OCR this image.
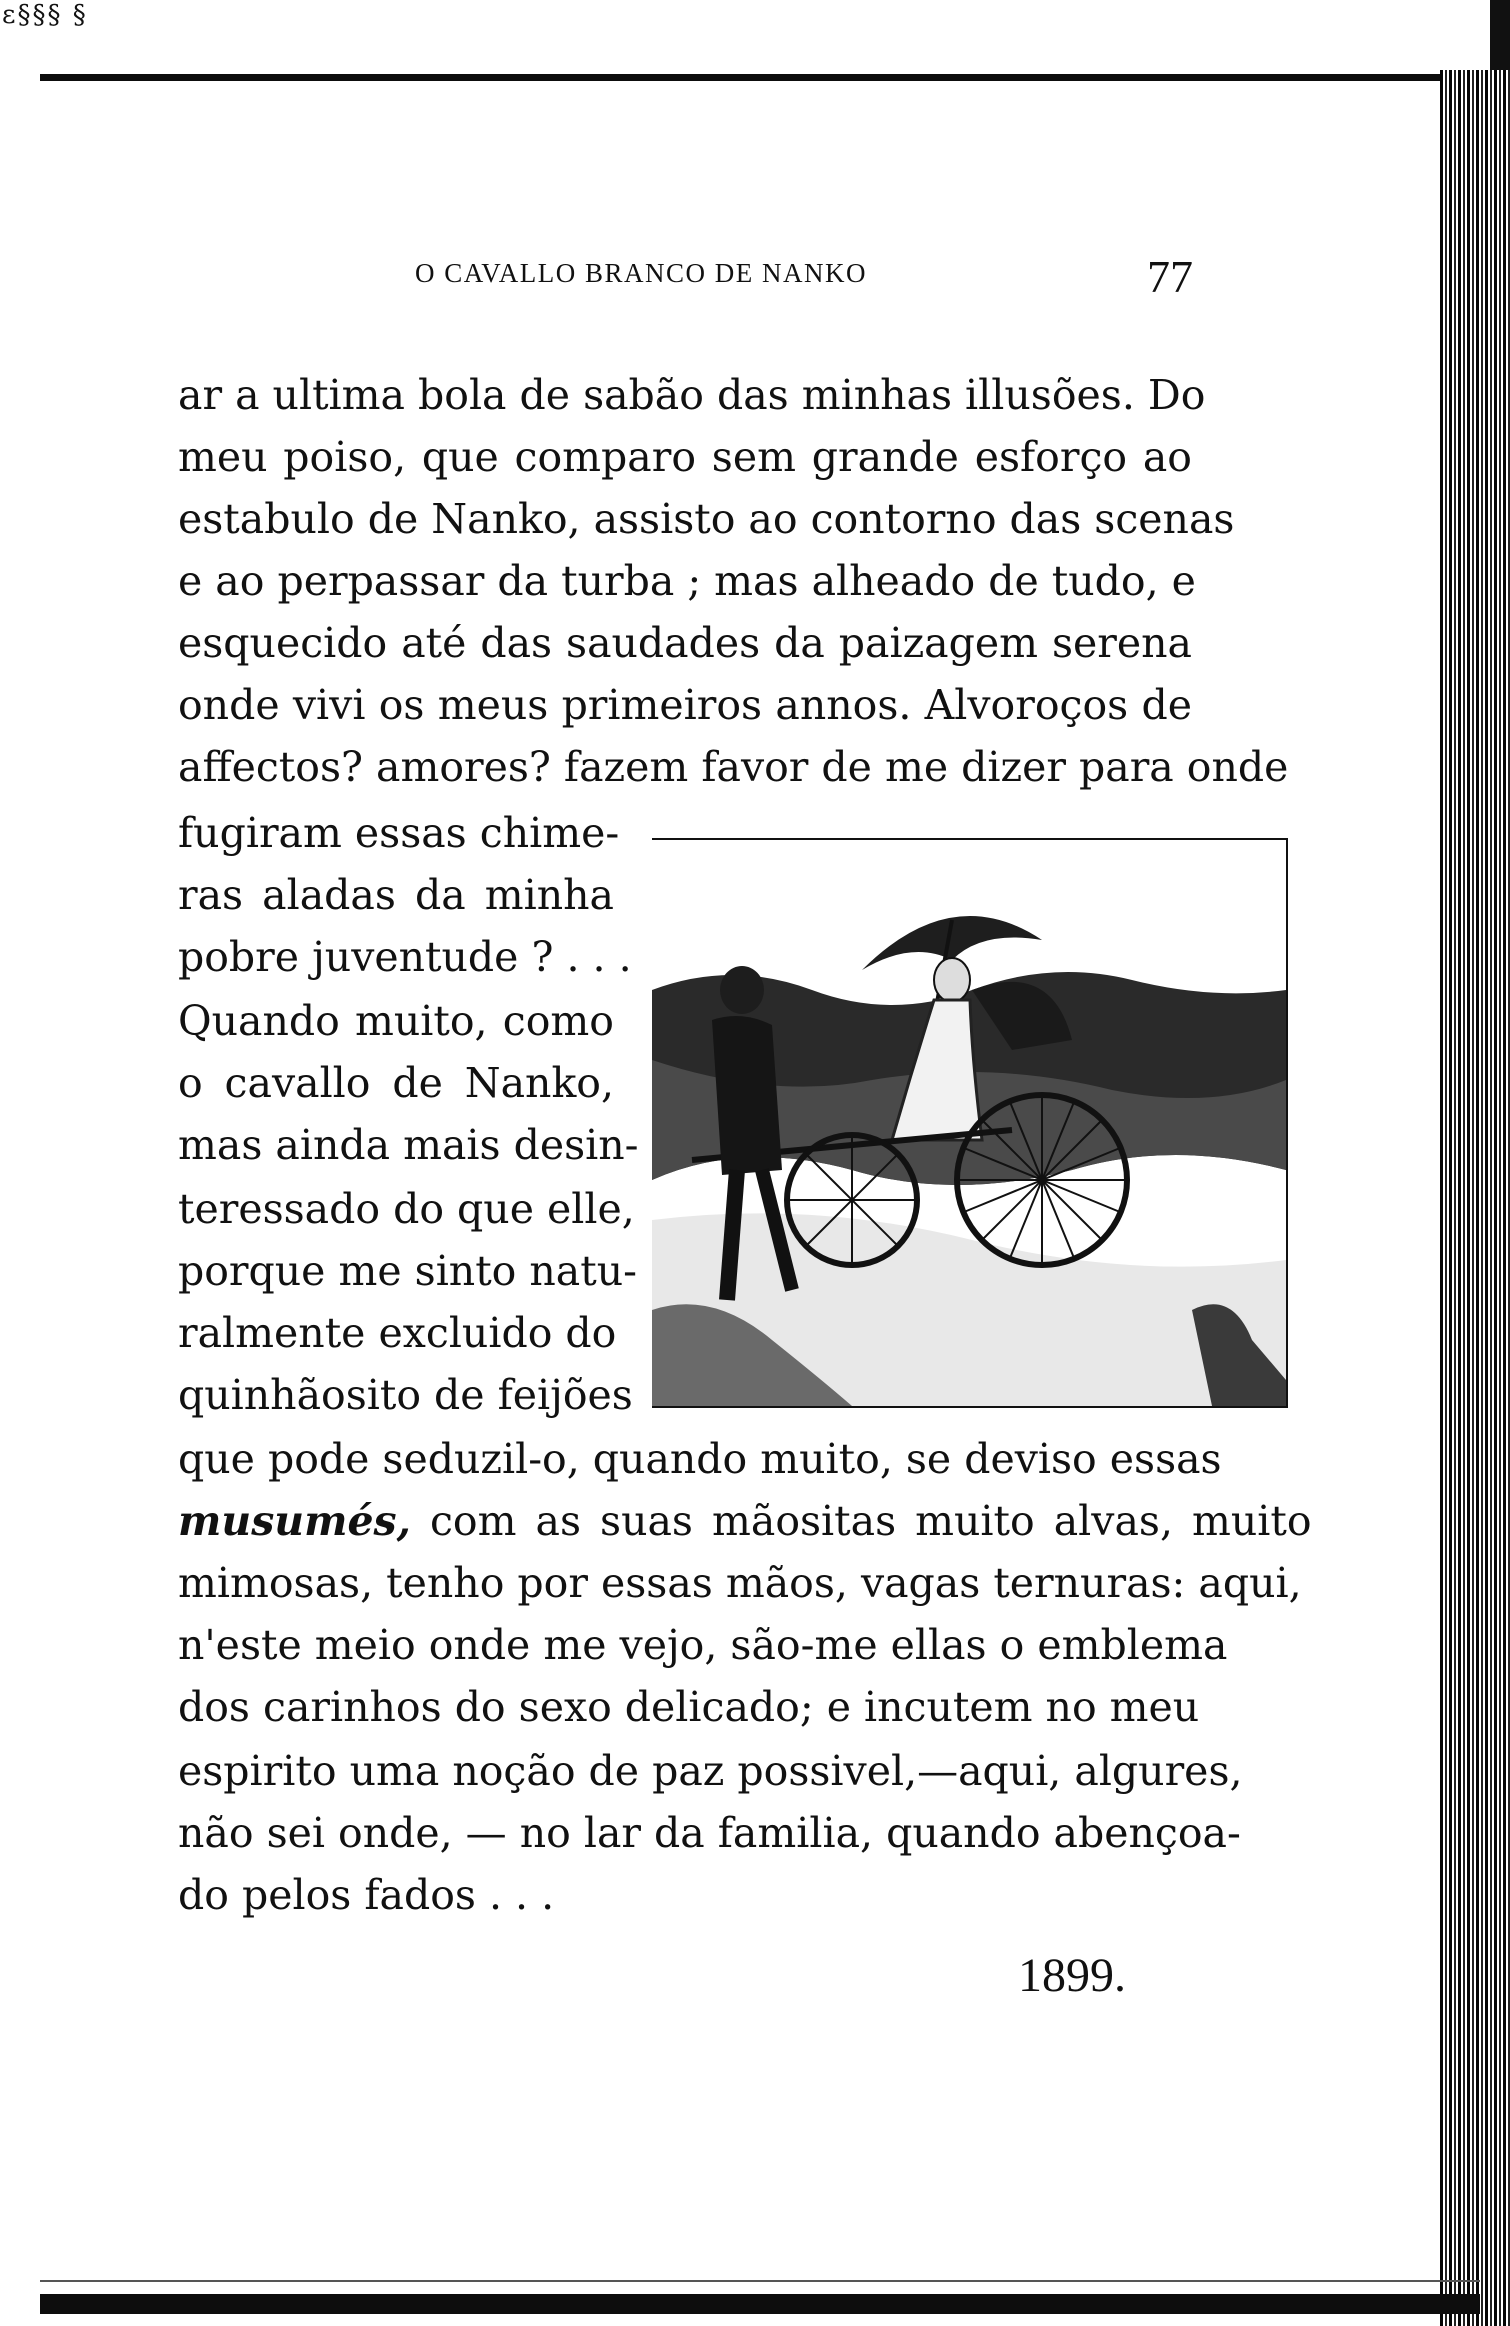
ɛ§§§ §
O CAVALLO BRANCO DE NANKO	77
ar a ultima bola de sabão das minhas illusões. Do
meu poiso, que comparo sem grande esforço ao
estabulo de Nanko, assisto ao contorno das scenas
e ao perpassar da turba ; mas alheado de tudo, e
esquecido até das saudades da paizagem serena
onde vivi os meus primeiros annos. Alvoroços de
affectos? amores? fazem favor de me dizer para onde
fugiram essas chime-
ras aladas da minha
pobre juventude ? . . .
Quando muito, como
o cavallo de Nanko,
mas ainda mais desin-
teressado do que elle,
porque me sinto natu-
ralmente excluido do
quinhãosito de feijões
que pode seduzil-o, quando muito, se deviso essas
musumés, com as suas mãositas muito alvas, muito
mimosas, tenho por essas mãos, vagas ternuras: aqui,
n'este meio onde me vejo, são-me ellas o emblema
dos carinhos do sexo delicado; e incutem no meu
espirito uma noção de paz possivel,—aqui, algures,
não sei onde, — no lar da familia, quando abençoa-
do pelos fados . . .
1899.
